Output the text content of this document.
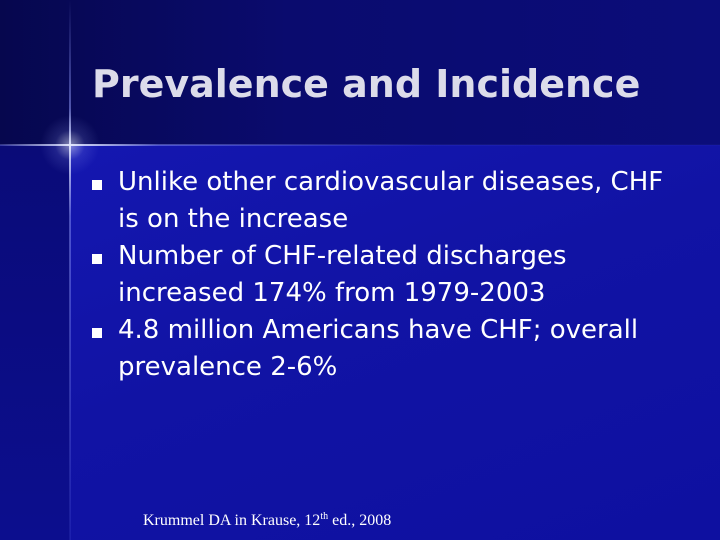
Prevalence and Incidence
Unlike other cardiovascular diseases, CHF is on the increase
Number of CHF-related discharges increased 174% from 1979-2003
4.8 million Americans have CHF; overall prevalence 2-6%
Krummel DA in Krause, 12th ed., 2008
